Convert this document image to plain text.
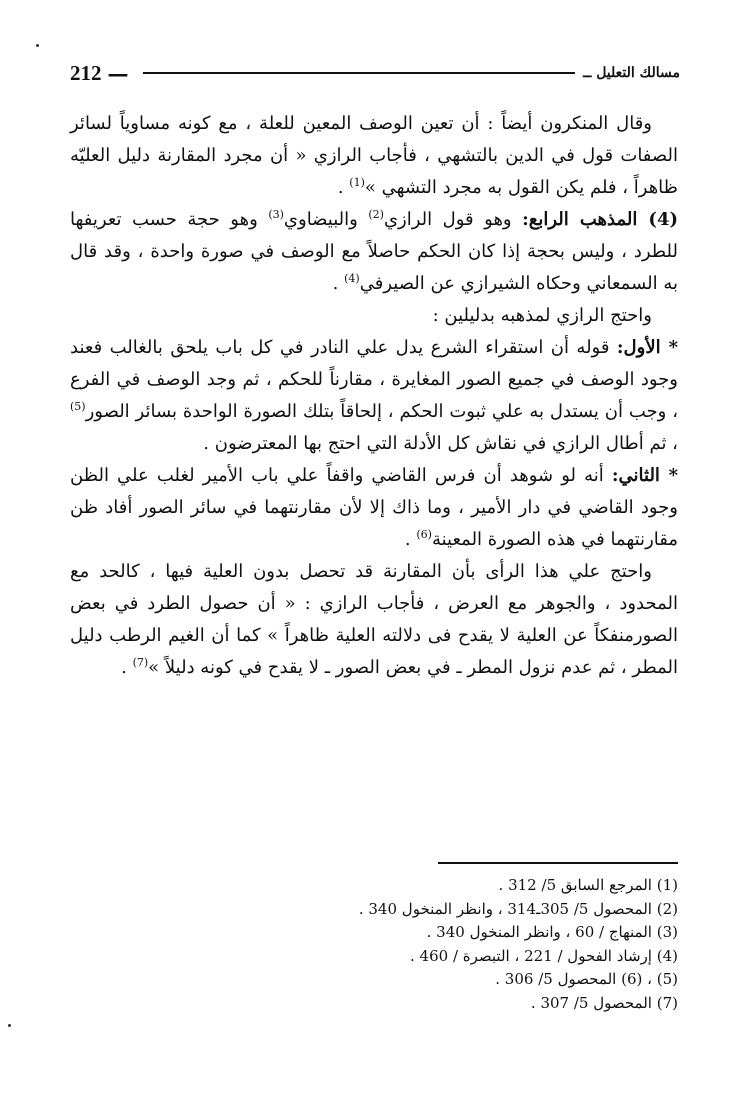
212 —	مسالك التعليل ــ

وقال المنكرون أيضاً : أن تعين الوصف المعين للعلة ، مع كونه مساوياً لسائر الصفات قول في الدين بالتشهي ، فأجاب الرازي « أن مجرد المقارنة دليل العليّه ظاهراً ، فلم يكن القول به مجرد التشهي »$^{(1)}$ .

(4) المذهب الرابع: وهو قول الرازي$^{(2)}$ والبيضاوي$^{(3)}$ وهو حجة حسب تعريفها للطرد ، وليس بحجة إذا كان الحكم حاصلاً مع الوصف في صورة واحدة ، وقد قال به السمعاني وحكاه الشيرازي عن الصيرفي$^{(4)}$ .

واحتج الرازي لمذهبه بدليلين :

* الأول: قوله أن استقراء الشرع يدل علي النادر في كل باب يلحق بالغالب فعند وجود الوصف في جميع الصور المغايرة ، مقارناً للحكم ، ثم وجد الوصف في الفرع ، وجب أن يستدل به علي ثبوت الحكم ، إلحاقاً بتلك الصورة الواحدة بسائر الصور$^{(5)}$ ، ثم أطال الرازي في نقاش كل الأدلة التي احتج بها المعترضون .

* الثاني: أنه لو شوهد أن فرس القاضي واقفاً علي باب الأمير لغلب علي الظن وجود القاضي في دار الأمير ، وما ذاك إلا لأن مقارنتهما في سائر الصور أفاد ظن مقارنتهما في هذه الصورة المعينة$^{(6)}$ .

واحتج علي هذا الرأى بأن المقارنة قد تحصل بدون العلية فيها ، كالحد مع المحدود ، والجوهر مع العرض ، فأجاب الرازي : « أن حصول الطرد في بعض الصورمنفكاً عن العلية لا يقدح فى دلالته العلية ظاهراً » كما أن الغيم الرطب دليل المطر ، ثم عدم نزول المطر ـ في بعض الصور ـ لا يقدح في كونه دليلاً »$^{(7)}$ .

(1) المرجع السابق 5/ 312 .

(2) المحصول 5/ 305ـ314 ، وانظر المنخول 340 .

(3) المنهاج / 60 ، وانظر المنخول 340 .

(4) إرشاد الفحول / 221 ، التبصرة / 460 .

(5) ، (6) المحصول 5/ 306 .

(7) المحصول 5/ 307 .
